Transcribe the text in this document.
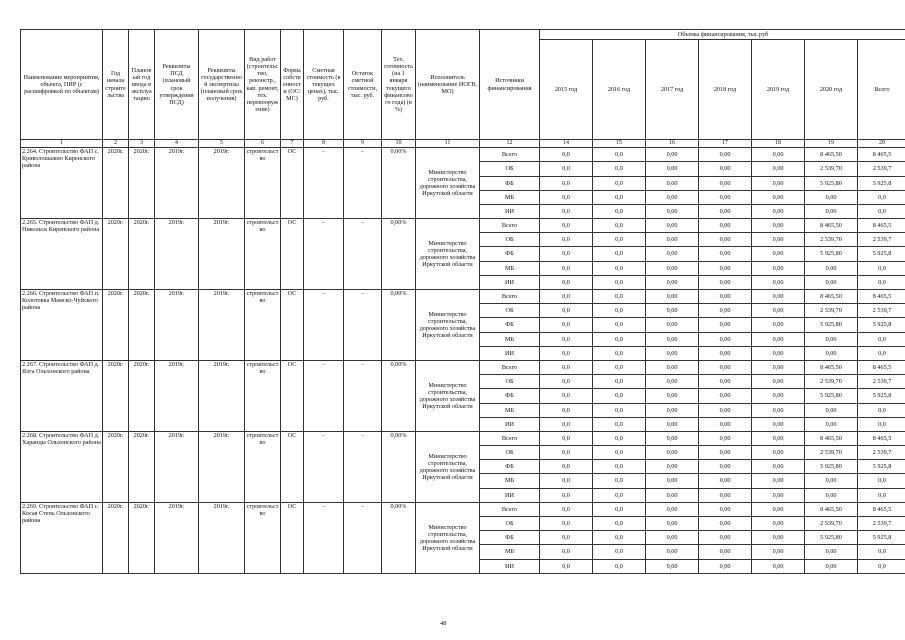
Наименование мероприятия, объекта, ПИР (с расшифровкой по объектам)	Год начала строительства	Плановый год ввода в эксплуатацию	Реквизиты ПСД (плановый срок утверждения ПСД)	Реквизиты государственной экспертизы (плановый срок получения)	Вид работ (строительство, реконстр., кап. ремонт, тех. перевооружение)	Форма собственности (ОС/МС)	Сметная стоимость (в текущих ценах), тыс. руб.	Остаток сметной стоимости, тыс. руб.	Тех. готовность (на 1 января текущего финансового года) (в %)	Исполнитель (наименование ИОГВ, МО)	Источники финансирования	Объемы финансирования, тыс.руб						
												2015 год	2016 год	2017 год	2018 год	2019 год	2020 год	Всего
1	2	3	4	5	6	7	8	9	10	11	12	14	15	16	17	18	19	20
2.264. Строительство ФАП с. Криволошажно Киренского района	2020г.	2020г.	2019г.	2019г.	строительство	ОС	-	-	0,00%	Министерство строительства, дорожного хозяйства Иркутской области	Всего	0,0	0,0	0,00	0,00	0,00	8 465,50	8 465,5
											ОБ	0,0	0,0	0,00	0,00	0,00	2 539,70	2 539,7
											ФБ	0,0	0,0	0,00	0,00	0,00	5 925,80	5 925,8
											МБ	0,0	0,0	0,00	0,00	0,00	0,00	0,0
											ИИ	0,0	0,0	0,00	0,00	0,00	0,00	0,0
2.265. Строительство ФАП д. Никольск Киренского района	2020г.	2020г.	2019г.	2019г.	строительство	ОС	-	-	0,00%	Министерство строительства, дорожного хозяйства Иркутской области	Всего	0,0	0,0	0,00	0,00	0,00	8 465,50	8 465,5
											ОБ	0,0	0,0	0,00	0,00	0,00	2 539,70	2 539,7
											ФБ	0,0	0,0	0,00	0,00	0,00	5 925,80	5 925,8
											МБ	0,0	0,0	0,00	0,00	0,00	0,00	0,0
											ИИ	0,0	0,0	0,00	0,00	0,00	0,00	0,0
2.266. Строительство ФАП п. Колотовка Мамско-Чуйского района	2020г.	2020г.	2019г.	2019г.	строительство	ОС	-	-	0,00%	Министерство строительства, дорожного хозяйства Иркутской области	Всего	0,0	0,0	0,00	0,00	0,00	8 465,50	8 465,5
											ОБ	0,0	0,0	0,00	0,00	0,00	2 539,70	2 539,7
											ФБ	0,0	0,0	0,00	0,00	0,00	5 925,80	5 925,8
											МБ	0,0	0,0	0,00	0,00	0,00	0,00	0,0
											ИИ	0,0	0,0	0,00	0,00	0,00	0,00	0,0
2.267. Строительство ФАП д. Ялга Ольхонского района	2020г.	2020г.	2019г.	2019г.	строительство	ОС	-	-	0,00%	Министерство строительства, дорожного хозяйства Иркутской области	Всего	0,0	0,0	0,00	0,00	0,00	8 465,50	8 465,5
											ОБ	0,0	0,0	0,00	0,00	0,00	2 539,70	2 539,7
											ФБ	0,0	0,0	0,00	0,00	0,00	5 925,80	5 925,8
											МБ	0,0	0,0	0,00	0,00	0,00	0,00	0,0
											ИИ	0,0	0,0	0,00	0,00	0,00	0,00	0,0
2.268. Строительство ФАП д. Харанцы Ольхонского района	2020г.	2020г.	2019г.	2019г.	строительство	ОС	-	-	0,00%	Министерство строительства, дорожного хозяйства Иркутской области	Всего	0,0	0,0	0,00	0,00	0,00	8 465,50	8 465,5
											ОБ	0,0	0,0	0,00	0,00	0,00	2 539,70	2 539,7
											ФБ	0,0	0,0	0,00	0,00	0,00	5 925,80	5 925,8
											МБ	0,0	0,0	0,00	0,00	0,00	0,00	0,0
											ИИ	0,0	0,0	0,00	0,00	0,00	0,00	0,0
2.269. Строительство ФАП с. Косая Степь Ольхонского района	2020г.	2020г.	2019г.	2019г.	строительство	ОС	-	-	0,00%	Министерство строительства, дорожного хозяйства Иркутской области	Всего	0,0	0,0	0,00	0,00	0,00	8 465,50	8 465,5
											ОБ	0,0	0,0	0,00	0,00	0,00	2 539,70	2 539,7
											ФБ	0,0	0,0	0,00	0,00	0,00	5 925,80	5 925,8
											МБ	0,0	0,0	0,00	0,00	0,00	0,00	0,0
											ИИ	0,0	0,0	0,00	0,00	0,00	0,00	0,0
48
